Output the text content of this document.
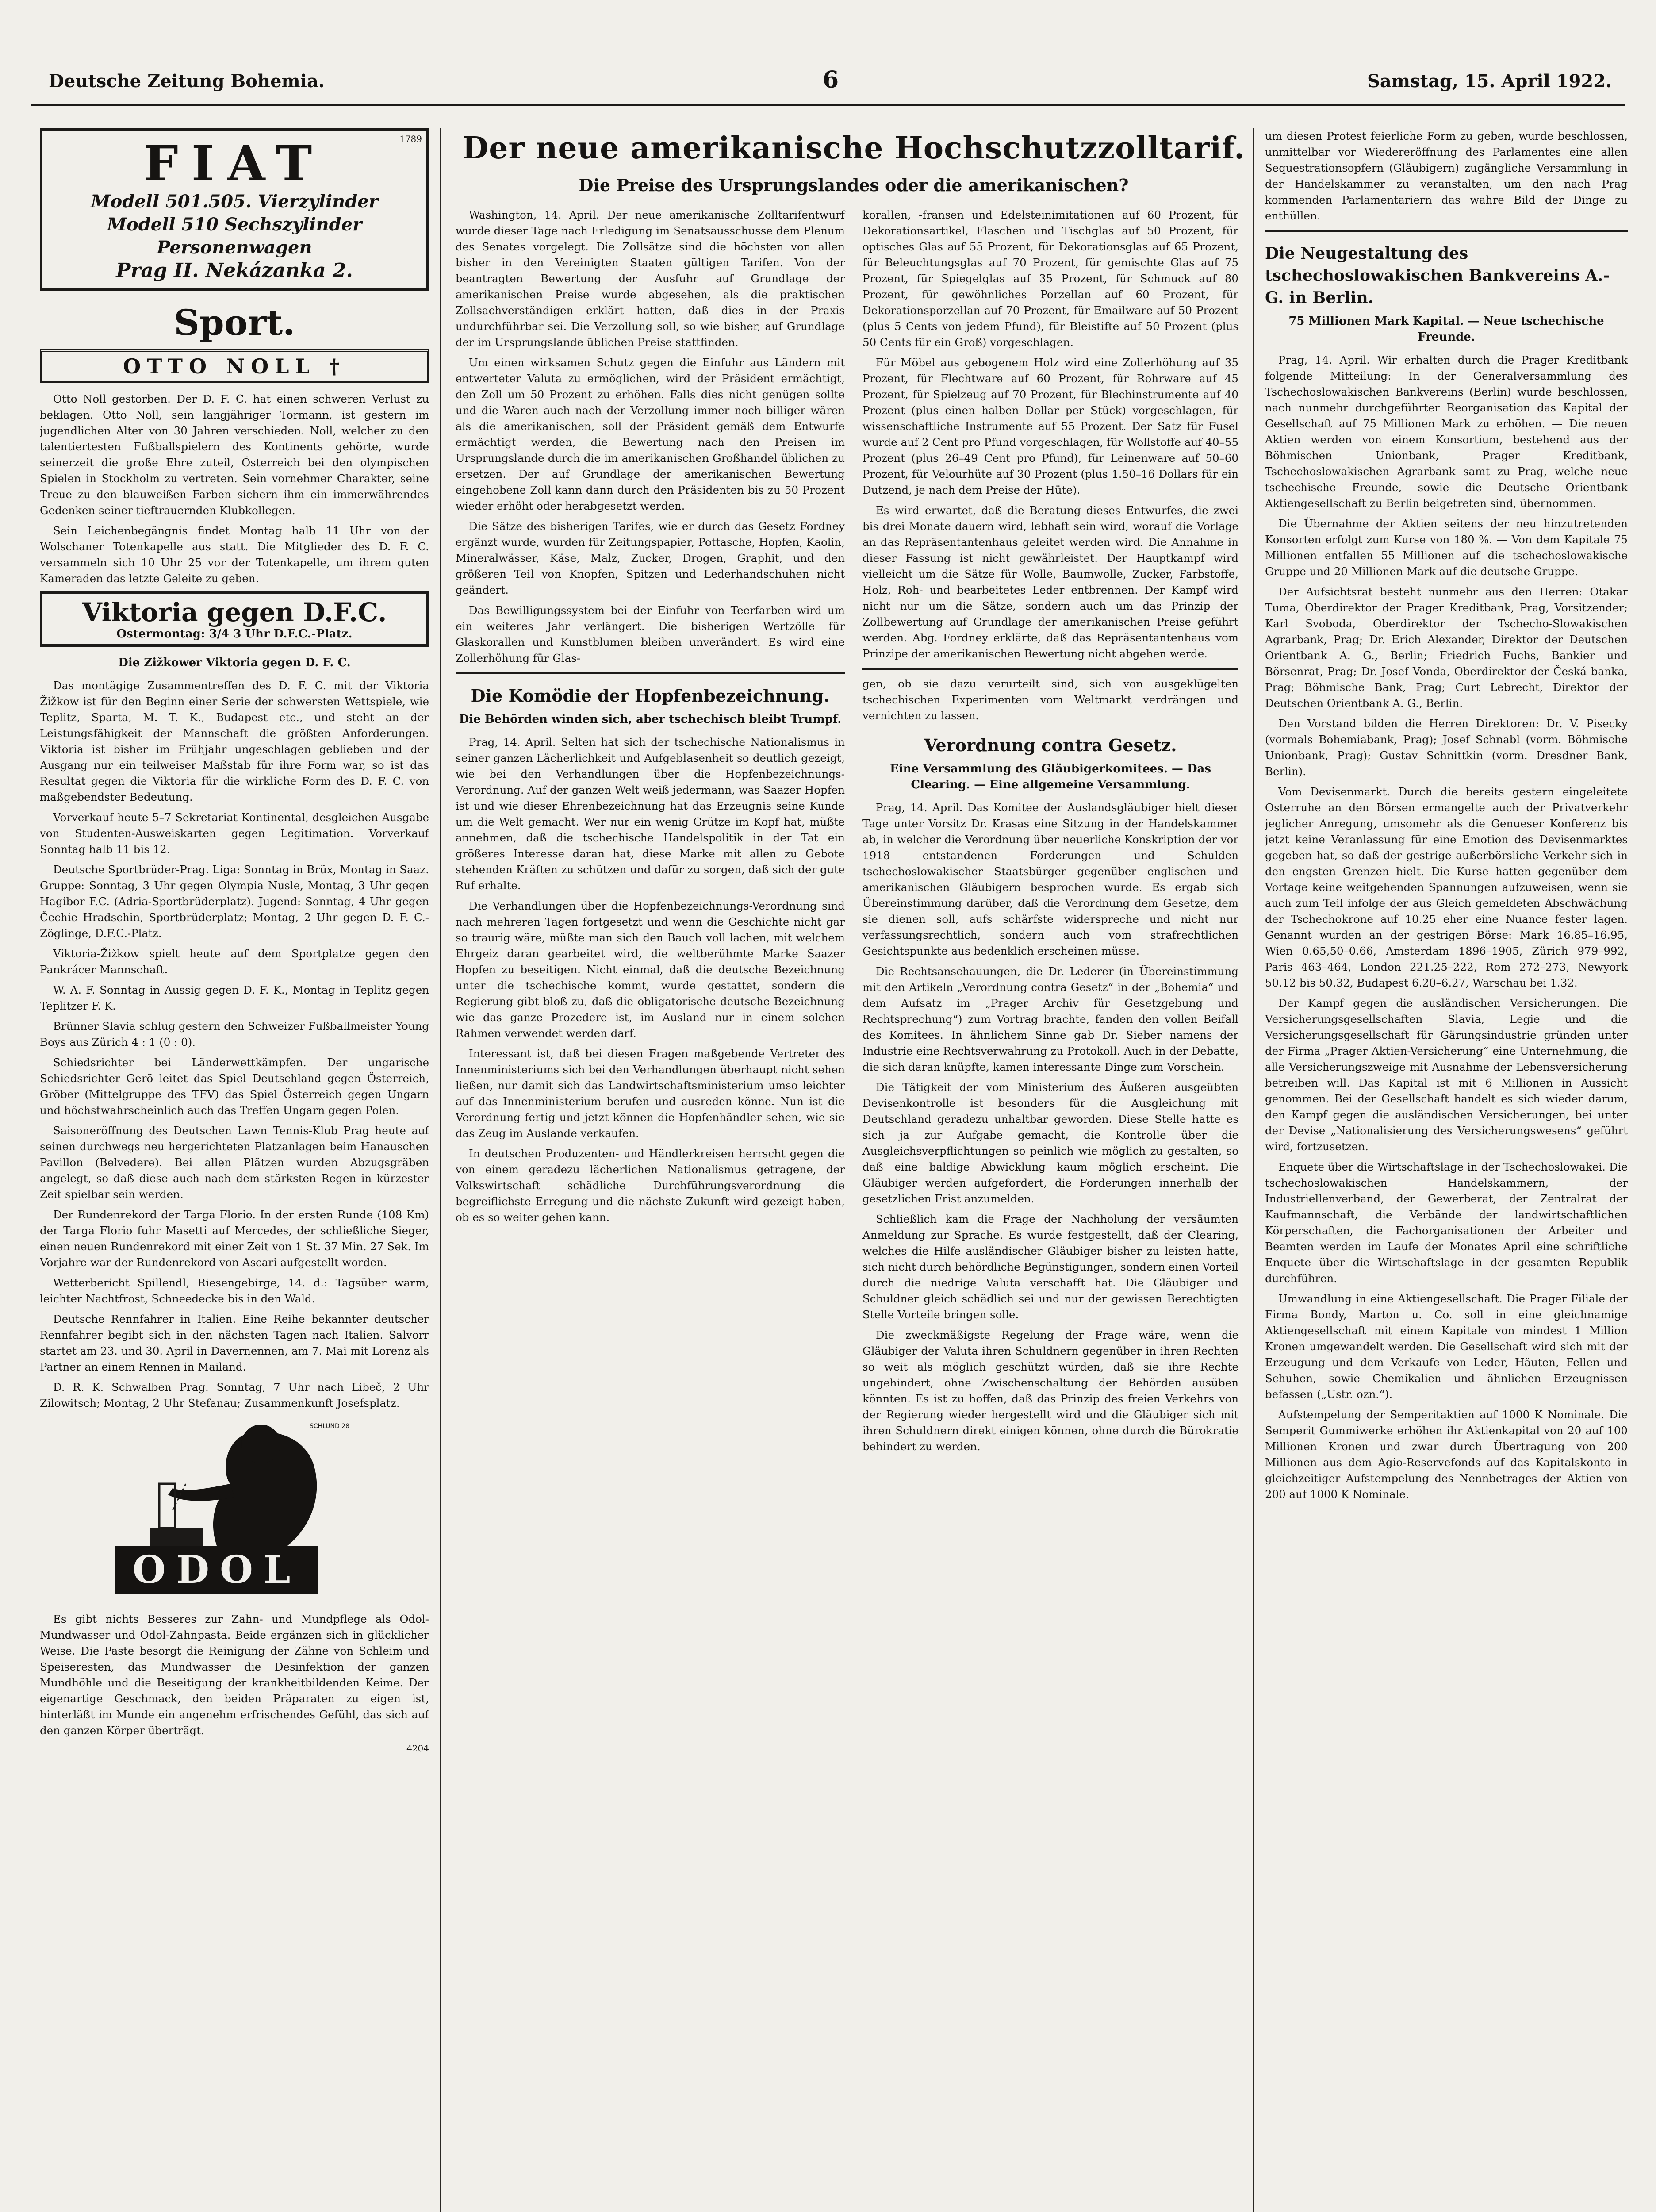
Deutsche Zeitung Bohemia.	6	Samstag, 15. April 1922.
1789
FIAT
Modell 501.505. Vierzylinder
Modell 510 Sechszylinder
Personenwagen
Prag II. Nekázanka 2.
Sport.
OTTO NOLL †

Otto Noll gestorben. Der D. F. C. hat einen schweren Verlust zu beklagen. Otto Noll, sein langjähriger Tormann, ist gestern im jugendlichen Alter von 30 Jahren verschieden. Noll, welcher zu den talentiertesten Fußballspielern des Kontinents gehörte, wurde seinerzeit die große Ehre zuteil, Österreich bei den olympischen Spielen in Stockholm zu vertreten. Sein vornehmer Charakter, seine Treue zu den blauweißen Farben sichern ihm ein immerwährendes Gedenken seiner tieftrauernden Klubkollegen.

Sein Leichenbegängnis findet Montag halb 11 Uhr von der Wolschaner Totenkapelle aus statt. Die Mitglieder des D. F. C. versammeln sich 10 Uhr 25 vor der Totenkapelle, um ihrem guten Kameraden das letzte Geleite zu geben.

Viktoria gegen D.F.C.
Ostermontag: 3/4 3 Uhr D.F.C.-Platz.
Die Zižkower Viktoria gegen D. F. C.

Das montägige Zusammentreffen des D. F. C. mit der Viktoria Žižkow ist für den Beginn einer Serie der schwersten Wettspiele, wie Teplitz, Sparta, M. T. K., Budapest etc., und steht an der Leistungsfähigkeit der Mannschaft die größten Anforderungen. Viktoria ist bisher im Frühjahr ungeschlagen geblieben und der Ausgang nur ein teilweiser Maßstab für ihre Form war, so ist das Resultat gegen die Viktoria für die wirkliche Form des D. F. C. von maßgebendster Bedeutung.

Vorverkauf heute 5–7 Sekretariat Kontinental, desgleichen Ausgabe von Studenten-Ausweiskarten gegen Legitimation. Vorverkauf Sonntag halb 11 bis 12.

Deutsche Sportbrüder-Prag. Liga: Sonntag in Brüx, Montag in Saaz. Gruppe: Sonntag, 3 Uhr gegen Olympia Nusle, Montag, 3 Uhr gegen Hagibor F.C. (Adria-Sportbrüderplatz). Jugend: Sonntag, 4 Uhr gegen Čechie Hradschin, Sportbrüderplatz; Montag, 2 Uhr gegen D. F. C.-Zöglinge, D.F.C.-Platz.

Viktoria-Žižkow spielt heute auf dem Sportplatze gegen den Pankrácer Mannschaft.

W. A. F. Sonntag in Aussig gegen D. F. K., Montag in Teplitz gegen Teplitzer F. K.

Brünner Slavia schlug gestern den Schweizer Fußballmeister Young Boys aus Zürich 4 : 1 (0 : 0).

Schiedsrichter bei Länderwettkämpfen. Der ungarische Schiedsrichter Gerö leitet das Spiel Deutschland gegen Österreich, Gröber (Mittelgruppe des TFV) das Spiel Österreich gegen Ungarn und höchstwahrscheinlich auch das Treffen Ungarn gegen Polen.

Saisoneröffnung des Deutschen Lawn Tennis-Klub Prag heute auf seinen durchwegs neu hergerichteten Platzanlagen beim Hanauschen Pavillon (Belvedere). Bei allen Plätzen wurden Abzugsgräben angelegt, so daß diese auch nach dem stärksten Regen in kürzester Zeit spielbar sein werden.

Der Rundenrekord der Targa Florio. In der ersten Runde (108 Km) der Targa Florio fuhr Masetti auf Mercedes, der schließliche Sieger, einen neuen Rundenrekord mit einer Zeit von 1 St. 37 Min. 27 Sek. Im Vorjahre war der Rundenrekord von Ascari aufgestellt worden.

Wetterbericht Spillendl, Riesengebirge, 14. d.: Tagsüber warm, leichter Nachtfrost, Schneedecke bis in den Wald.

Deutsche Rennfahrer in Italien. Eine Reihe bekannter deutscher Rennfahrer begibt sich in den nächsten Tagen nach Italien. Salvorr startet am 23. und 30. April in Davernennen, am 7. Mai mit Lorenz als Partner an einem Rennen in Mailand.

D. R. K. Schwalben Prag. Sonntag, 7 Uhr nach Libeč, 2 Uhr Zilowitsch; Montag, 2 Uhr Stefanau; Zusammenkunft Josefsplatz.

SCHLUND 28
ODOL

Es gibt nichts Besseres zur Zahn- und Mundpflege als Odol-Mundwasser und Odol-Zahnpasta. Beide ergänzen sich in glücklicher Weise. Die Paste besorgt die Reinigung der Zähne von Schleim und Speiseresten, das Mundwasser die Desinfektion der ganzen Mundhöhle und die Beseitigung der krankheitbildenden Keime. Der eigenartige Geschmack, den beiden Präparaten zu eigen ist, hinterläßt im Munde ein angenehm erfrischendes Gefühl, das sich auf den ganzen Körper überträgt.

4204
Der neue amerikanische Hochschutzzolltarif.
Die Preise des Ursprungslandes oder die amerikanischen?

Washington, 14. April. Der neue amerikanische Zolltarifentwurf wurde dieser Tage nach Erledigung im Senatsausschusse dem Plenum des Senates vorgelegt. Die Zollsätze sind die höchsten von allen bisher in den Vereinigten Staaten gültigen Tarifen. Von der beantragten Bewertung der Ausfuhr auf Grundlage der amerikanischen Preise wurde abgesehen, als die praktischen Zollsachverständigen erklärt hatten, daß dies in der Praxis undurchführbar sei. Die Verzollung soll, so wie bisher, auf Grundlage der im Ursprungslande üblichen Preise stattfinden.

Um einen wirksamen Schutz gegen die Einfuhr aus Ländern mit entwerteter Valuta zu ermöglichen, wird der Präsident ermächtigt, den Zoll um 50 Prozent zu erhöhen. Falls dies nicht genügen sollte und die Waren auch nach der Verzollung immer noch billiger wären als die amerikanischen, soll der Präsident gemäß dem Entwurfe ermächtigt werden, die Bewertung nach den Preisen im Ursprungslande durch die im amerikanischen Großhandel üblichen zu ersetzen. Der auf Grundlage der amerikanischen Bewertung eingehobene Zoll kann dann durch den Präsidenten bis zu 50 Prozent wieder erhöht oder herabgesetzt werden.

Die Sätze des bisherigen Tarifes, wie er durch das Gesetz Fordney ergänzt wurde, wurden für Zeitungspapier, Pottasche, Hopfen, Kaolin, Mineralwässer, Käse, Malz, Zucker, Drogen, Graphit, und den größeren Teil von Knopfen, Spitzen und Lederhandschuhen nicht geändert.

Das Bewilligungssystem bei der Einfuhr von Teerfarben wird um ein weiteres Jahr verlängert. Die bisherigen Wertzölle für Glaskorallen und Kunstblumen bleiben unverändert. Es wird eine Zollerhöhung für Glas-

Die Komödie der Hopfenbezeichnung.
Die Behörden winden sich, aber tschechisch bleibt Trumpf.

Prag, 14. April. Selten hat sich der tschechische Nationalismus in seiner ganzen Lächerlichkeit und Aufgeblasenheit so deutlich gezeigt, wie bei den Verhandlungen über die Hopfenbezeichnungs-Verordnung. Auf der ganzen Welt weiß jedermann, was Saazer Hopfen ist und wie dieser Ehrenbezeichnung hat das Erzeugnis seine Kunde um die Welt gemacht. Wer nur ein wenig Grütze im Kopf hat, müßte annehmen, daß die tschechische Handelspolitik in der Tat ein größeres Interesse daran hat, diese Marke mit allen zu Gebote stehenden Kräften zu schützen und dafür zu sorgen, daß sich der gute Ruf erhalte.

Die Verhandlungen über die Hopfenbezeichnungs-Verordnung sind nach mehreren Tagen fortgesetzt und wenn die Geschichte nicht gar so traurig wäre, müßte man sich den Bauch voll lachen, mit welchem Ehrgeiz daran gearbeitet wird, die weltberühmte Marke Saazer Hopfen zu beseitigen. Nicht einmal, daß die deutsche Bezeichnung unter die tschechische kommt, wurde gestattet, sondern die Regierung gibt bloß zu, daß die obligatorische deutsche Bezeichnung wie das ganze Prozedere ist, im Ausland nur in einem solchen Rahmen verwendet werden darf.

Interessant ist, daß bei diesen Fragen maßgebende Vertreter des Innenministeriums sich bei den Verhandlungen überhaupt nicht sehen ließen, nur damit sich das Landwirtschaftsministerium umso leichter auf das Innenministerium berufen und ausreden könne. Nun ist die Verordnung fertig und jetzt können die Hopfenhändler sehen, wie sie das Zeug im Auslande verkaufen.

In deutschen Produzenten- und Händlerkreisen herrscht gegen die von einem geradezu lächerlichen Nationalismus getragene, der Volkswirtschaft schädliche Durchführungsverordnung die begreiflichste Erregung und die nächste Zukunft wird gezeigt haben, ob es so weiter gehen kann.

korallen, -fransen und Edelsteinimitationen auf 60 Prozent, für Dekorationsartikel, Flaschen und Tischglas auf 50 Prozent, für optisches Glas auf 55 Prozent, für Dekorationsglas auf 65 Prozent, für Beleuchtungsglas auf 70 Prozent, für gemischte Glas auf 75 Prozent, für Spiegelglas auf 35 Prozent, für Schmuck auf 80 Prozent, für gewöhnliches Porzellan auf 60 Prozent, für Dekorationsporzellan auf 70 Prozent, für Emailware auf 50 Prozent (plus 5 Cents von jedem Pfund), für Bleistifte auf 50 Prozent (plus 50 Cents für ein Groß) vorgeschlagen.

Für Möbel aus gebogenem Holz wird eine Zollerhöhung auf 35 Prozent, für Flechtware auf 60 Prozent, für Rohrware auf 45 Prozent, für Spielzeug auf 70 Prozent, für Blechinstrumente auf 40 Prozent (plus einen halben Dollar per Stück) vorgeschlagen, für wissenschaftliche Instrumente auf 55 Prozent. Der Satz für Fusel wurde auf 2 Cent pro Pfund vorgeschlagen, für Wollstoffe auf 40–55 Prozent (plus 26–49 Cent pro Pfund), für Leinenware auf 50–60 Prozent, für Velourhüte auf 30 Prozent (plus 1.50–16 Dollars für ein Dutzend, je nach dem Preise der Hüte).

Es wird erwartet, daß die Beratung dieses Entwurfes, die zwei bis drei Monate dauern wird, lebhaft sein wird, worauf die Vorlage an das Repräsentantenhaus geleitet werden wird. Die Annahme in dieser Fassung ist nicht gewährleistet. Der Hauptkampf wird vielleicht um die Sätze für Wolle, Baumwolle, Zucker, Farbstoffe, Holz, Roh- und bearbeitetes Leder entbrennen. Der Kampf wird nicht nur um die Sätze, sondern auch um das Prinzip der Zollbewertung auf Grundlage der amerikanischen Preise geführt werden. Abg. Fordney erklärte, daß das Repräsentantenhaus vom Prinzipe der amerikanischen Bewertung nicht abgehen werde.

gen, ob sie dazu verurteilt sind, sich von ausgeklügelten tschechischen Experimenten vom Weltmarkt verdrängen und vernichten zu lassen.

Verordnung contra Gesetz.
Eine Versammlung des Gläubigerkomitees. — Das Clearing. — Eine allgemeine Versammlung.

Prag, 14. April. Das Komitee der Auslandsgläubiger hielt dieser Tage unter Vorsitz Dr. Krasas eine Sitzung in der Handelskammer ab, in welcher die Verordnung über neuerliche Konskription der vor 1918 entstandenen Forderungen und Schulden tschechoslowakischer Staatsbürger gegenüber englischen und amerikanischen Gläubigern besprochen wurde. Es ergab sich Übereinstimmung darüber, daß die Verordnung dem Gesetze, dem sie dienen soll, aufs schärfste widerspreche und nicht nur verfassungsrechtlich, sondern auch vom strafrechtlichen Gesichtspunkte aus bedenklich erscheinen müsse.

Die Rechtsanschauungen, die Dr. Lederer (in Übereinstimmung mit den Artikeln „Verordnung contra Gesetz“ in der „Bohemia“ und dem Aufsatz im „Prager Archiv für Gesetzgebung und Rechtsprechung“) zum Vortrag brachte, fanden den vollen Beifall des Komitees. In ähnlichem Sinne gab Dr. Sieber namens der Industrie eine Rechtsverwahrung zu Protokoll. Auch in der Debatte, die sich daran knüpfte, kamen interessante Dinge zum Vorschein.

Die Tätigkeit der vom Ministerium des Äußeren ausgeübten Devisenkontrolle ist besonders für die Ausgleichung mit Deutschland geradezu unhaltbar geworden. Diese Stelle hatte es sich ja zur Aufgabe gemacht, die Kontrolle über die Ausgleichsverpflichtungen so peinlich wie möglich zu gestalten, so daß eine baldige Abwicklung kaum möglich erscheint. Die Gläubiger werden aufgefordert, die Forderungen innerhalb der gesetzlichen Frist anzumelden.

Schließlich kam die Frage der Nachholung der versäumten Anmeldung zur Sprache. Es wurde festgestellt, daß der Clearing, welches die Hilfe ausländischer Gläubiger bisher zu leisten hatte, sich nicht durch behördliche Begünstigungen, sondern einen Vorteil durch die niedrige Valuta verschafft hat. Die Gläubiger und Schuldner gleich schädlich sei und nur der gewissen Berechtigten Stelle Vorteile bringen solle.

Die zweckmäßigste Regelung der Frage wäre, wenn die Gläubiger der Valuta ihren Schuldnern gegenüber in ihren Rechten so weit als möglich geschützt würden, daß sie ihre Rechte ungehindert, ohne Zwischenschaltung der Behörden ausüben könnten. Es ist zu hoffen, daß das Prinzip des freien Verkehrs von der Regierung wieder hergestellt wird und die Gläubiger sich mit ihren Schuldnern direkt einigen können, ohne durch die Bürokratie behindert zu werden.

um diesen Protest feierliche Form zu geben, wurde beschlossen, unmittelbar vor Wiedereröffnung des Parlamentes eine allen Sequestrationsopfern (Gläubigern) zugängliche Versammlung in der Handelskammer zu veranstalten, um den nach Prag kommenden Parlamentariern das wahre Bild der Dinge zu enthüllen.

Die Neugestaltung des tschechoslowakischen Bankvereins A.-G. in Berlin.
75 Millionen Mark Kapital. — Neue tschechische Freunde.

Prag, 14. April. Wir erhalten durch die Prager Kreditbank folgende Mitteilung: In der Generalversammlung des Tschechoslowakischen Bankvereins (Berlin) wurde beschlossen, nach nunmehr durchgeführter Reorganisation das Kapital der Gesellschaft auf 75 Millionen Mark zu erhöhen. — Die neuen Aktien werden von einem Konsortium, bestehend aus der Böhmischen Unionbank, Prager Kreditbank, Tschechoslowakischen Agrarbank samt zu Prag, welche neue tschechische Freunde, sowie die Deutsche Orientbank Aktiengesellschaft zu Berlin beigetreten sind, übernommen.

Die Übernahme der Aktien seitens der neu hinzutretenden Konsorten erfolgt zum Kurse von 180 %. — Von dem Kapitale 75 Millionen entfallen 55 Millionen auf die tschechoslowakische Gruppe und 20 Millionen Mark auf die deutsche Gruppe.

Der Aufsichtsrat besteht nunmehr aus den Herren: Otakar Tuma, Oberdirektor der Prager Kreditbank, Prag, Vorsitzender; Karl Svoboda, Oberdirektor der Tschecho-Slowakischen Agrarbank, Prag; Dr. Erich Alexander, Direktor der Deutschen Orientbank A. G., Berlin; Friedrich Fuchs, Bankier und Börsenrat, Prag; Dr. Josef Vonda, Oberdirektor der Česká banka, Prag; Böhmische Bank, Prag; Curt Lebrecht, Direktor der Deutschen Orientbank A. G., Berlin.

Den Vorstand bilden die Herren Direktoren: Dr. V. Pisecky (vormals Bohemiabank, Prag); Josef Schnabl (vorm. Böhmische Unionbank, Prag); Gustav Schnittkin (vorm. Dresdner Bank, Berlin).

Vom Devisenmarkt. Durch die bereits gestern eingeleitete Osterruhe an den Börsen ermangelte auch der Privatverkehr jeglicher Anregung, umsomehr als die Genueser Konferenz bis jetzt keine Veranlassung für eine Emotion des Devisenmarktes gegeben hat, so daß der gestrige außerbörsliche Verkehr sich in den engsten Grenzen hielt. Die Kurse hatten gegenüber dem Vortage keine weitgehenden Spannungen aufzuweisen, wenn sie auch zum Teil infolge der aus Gleich gemeldeten Abschwächung der Tschechokrone auf 10.25 eher eine Nuance fester lagen. Genannt wurden an der gestrigen Börse: Mark 16.85–16.95, Wien 0.65,50–0.66, Amsterdam 1896–1905, Zürich 979–992, Paris 463–464, London 221.25–222, Rom 272–273, Newyork 50.12 bis 50.32, Budapest 6.20–6.27, Warschau bei 1.32.

Der Kampf gegen die ausländischen Versicherungen. Die Versicherungsgesellschaften Slavia, Legie und die Versicherungsgesellschaft für Gärungsindustrie gründen unter der Firma „Prager Aktien-Versicherung“ eine Unternehmung, die alle Versicherungszweige mit Ausnahme der Lebensversicherung betreiben will. Das Kapital ist mit 6 Millionen in Aussicht genommen. Bei der Gesellschaft handelt es sich wieder darum, den Kampf gegen die ausländischen Versicherungen, bei unter der Devise „Nationalisierung des Versicherungswesens“ geführt wird, fortzusetzen.

Enquete über die Wirtschaftslage in der Tschechoslowakei. Die tschechoslowakischen Handelskammern, der Industriellenverband, der Gewerberat, der Zentralrat der Kaufmannschaft, die Verbände der landwirtschaftlichen Körperschaften, die Fachorganisationen der Arbeiter und Beamten werden im Laufe der Monates April eine schriftliche Enquete über die Wirtschaftslage in der gesamten Republik durchführen.

Umwandlung in eine Aktiengesellschaft. Die Prager Filiale der Firma Bondy, Marton u. Co. soll in eine gleichnamige Aktiengesellschaft mit einem Kapitale von mindest 1 Million Kronen umgewandelt werden. Die Gesellschaft wird sich mit der Erzeugung und dem Verkaufe von Leder, Häuten, Fellen und Schuhen, sowie Chemikalien und ähnlichen Erzeugnissen befassen („Ustr. ozn.“).

Aufstempelung der Semperitaktien auf 1000 K Nominale. Die Semperit Gummiwerke erhöhen ihr Aktienkapital von 20 auf 100 Millionen Kronen und zwar durch Übertragung von 200 Millionen aus dem Agio-Reservefonds auf das Kapitalskonto in gleichzeitiger Aufstempelung des Nennbetrages der Aktien von 200 auf 1000 K Nominale.
